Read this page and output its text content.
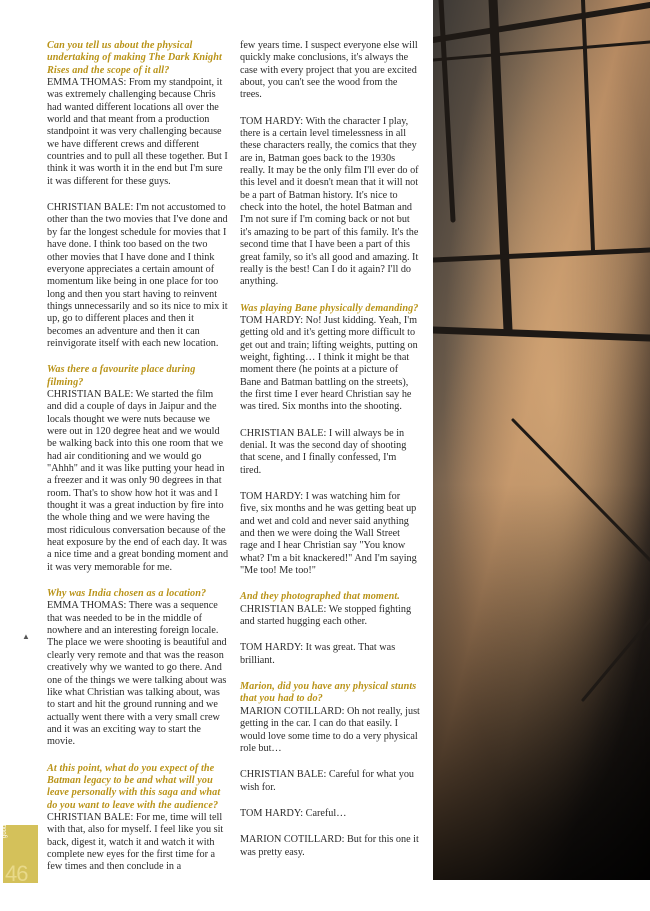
Can you tell us about the physical undertaking of making The Dark Knight Rises and the scope of it all?
EMMA THOMAS: From my standpoint, it was extremely challenging because Chris had wanted different locations all over the world and that meant from a production standpoint it was very challenging because we have different crews and different countries and to pull all these together. But I think it was worth it in the end but I'm sure it was different for these guys.
CHRISTIAN BALE: I'm not accustomed to other than the two movies that I've done and by far the longest schedule for movies that I have done. I think too based on the two other movies that I have done and I think everyone appreciates a certain amount of momentum like being in one place for too long and then you start having to reinvent things unnecessarily and so its nice to mix it up, go to different places and then it becomes an adventure and then it can reinvigorate itself with each new location.
Was there a favourite place during filming?
CHRISTIAN BALE: We started the film and did a couple of days in Jaipur and the locals thought we were nuts because we were out in 120 degree heat and we would be walking back into this one room that we had air conditioning and we would go "Ahhh" and it was like putting your head in a freezer and it was only 90 degrees in that room. That's to show how hot it was and I thought it was a great induction by fire into the whole thing and we were having the most ridiculous conversation because of the heat exposure by the end of each day. It was a nice time and a great bonding moment and it was very memorable for me.
Why was India chosen as a location?
EMMA THOMAS: There was a sequence that was needed to be in the middle of nowhere and an interesting foreign locale. The place we were shooting is beautiful and clearly very remote and that was the reason creatively why we wanted to go there. And one of the things we were talking about was like what Christian was talking about, was to start and hit the ground running and we actually went there with a very small crew and it was an exciting way to start the movie.
At this point, what do you expect of the Batman legacy to be and what will you leave personally with this saga and what do you want to leave with the audience?
CHRISTIAN BALE: For me, time will tell with that, also for myself. I feel like you sit back, digest it, watch it and watch it with complete new eyes for the first time for a few times and then conclude in a
few years time. I suspect everyone else will quickly make conclusions, it's always the case with every project that you are excited about, you can't see the wood from the trees.
TOM HARDY: With the character I play, there is a certain level timelessness in all these characters really, the comics that they are in, Batman goes back to the 1930s really. It may be the only film I'll ever do of this level and it doesn't mean that it will not be a part of Batman history. It's nice to check into the hotel, the hotel Batman and I'm not sure if I'm coming back or not but it's amazing to be part of this family. It's the second time that I have been a part of this great family, so it's all good and amazing. It really is the best! Can I do it again? I'll do anything.
Was playing Bane physically demanding?
TOM HARDY: No! Just kidding. Yeah, I'm getting old and it's getting more difficult to get out and train; lifting weights, putting on weight, fighting… I think it might be that moment there (he points at a picture of Bane and Batman battling on the streets), the first time I ever heard Christian say he was tired. Six months into the shooting.
CHRISTIAN BALE: I will always be in denial. It was the second day of shooting that scene, and I finally confessed, I'm tired.
TOM HARDY: I was watching him for five, six months and he was getting beat up and wet and cold and never said anything and then we were doing the Wall Street rage and I hear Christian say "You know what? I'm a bit knackered!" And I'm saying "Me too! Me too!"
And they photographed that moment.
CHRISTIAN BALE: We stopped fighting and started hugging each other.
TOM HARDY: It was great. That was brilliant.
Marion, did you have any physical stunts that you had to do?
MARION COTILLARD: Oh not really, just getting in the car. I can do that easily. I would love some time to do a very physical role but…
CHRISTIAN BALE: Careful for what you wish for.
TOM HARDY: Careful…
MARION COTILLARD: But for this one it was pretty easy.
▲
goodlife
46
